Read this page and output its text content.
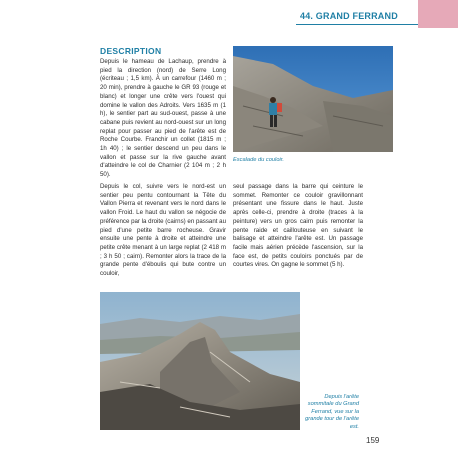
44. GRAND FERRAND
DESCRIPTION

Depuis le hameau de Lachaup, prendre à pied la direction (nord) de Serre Long (écriteau ; 1,5 km). À un carrefour (1460 m ; 20 min), prendre à gauche le GR 93 (rouge et blanc) et longer une crête vers l'ouest qui domine le vallon des Adroits. Vers 1635 m (1 h), le sentier part au sud-ouest, passe à une cabane puis revient au nord-ouest sur un long replat pour passer au pied de l'arête est de Roche Courbe. Franchir un collet (1815 m ; 1h 40) ; le sentier descend un peu dans le vallon et passe sur la rive gauche avant d'atteindre le col de Charnier (2 104 m ; 2 h 50).

Escalade du couloir.

Depuis le col, suivre vers le nord-est un sentier peu pentu contournant la Tête du Vallon Pierra et revenant vers le nord dans le vallon Froid. Le haut du vallon se négocie de préférence par la droite (cairns) en passant au pied d'une petite barre rocheuse. Gravir ensuite une pente à droite et atteindre une petite crête menant à un large replat (2 418 m ; 3 h 50 ; cairn). Remonter alors la trace de la grande pente d'éboulis qui bute contre un couloir,

seul passage dans la barre qui ceinture le sommet. Remonter ce couloir gravillonnant présentant une fissure dans le haut. Juste après celle-ci, prendre à droite (traces à la peinture) vers un gros cairn puis remonter la pente raide et caillouteuse en suivant le balisage et atteindre l'arête est. Un passage facile mais aérien précède l'ascension, sur la face est, de petits couloirs ponctués par de courtes vires. On gagne le sommet (5 h).

Depuis l'arête sommitale du Grand Ferrand, vue sur la grande tour de l'arête est.
159
